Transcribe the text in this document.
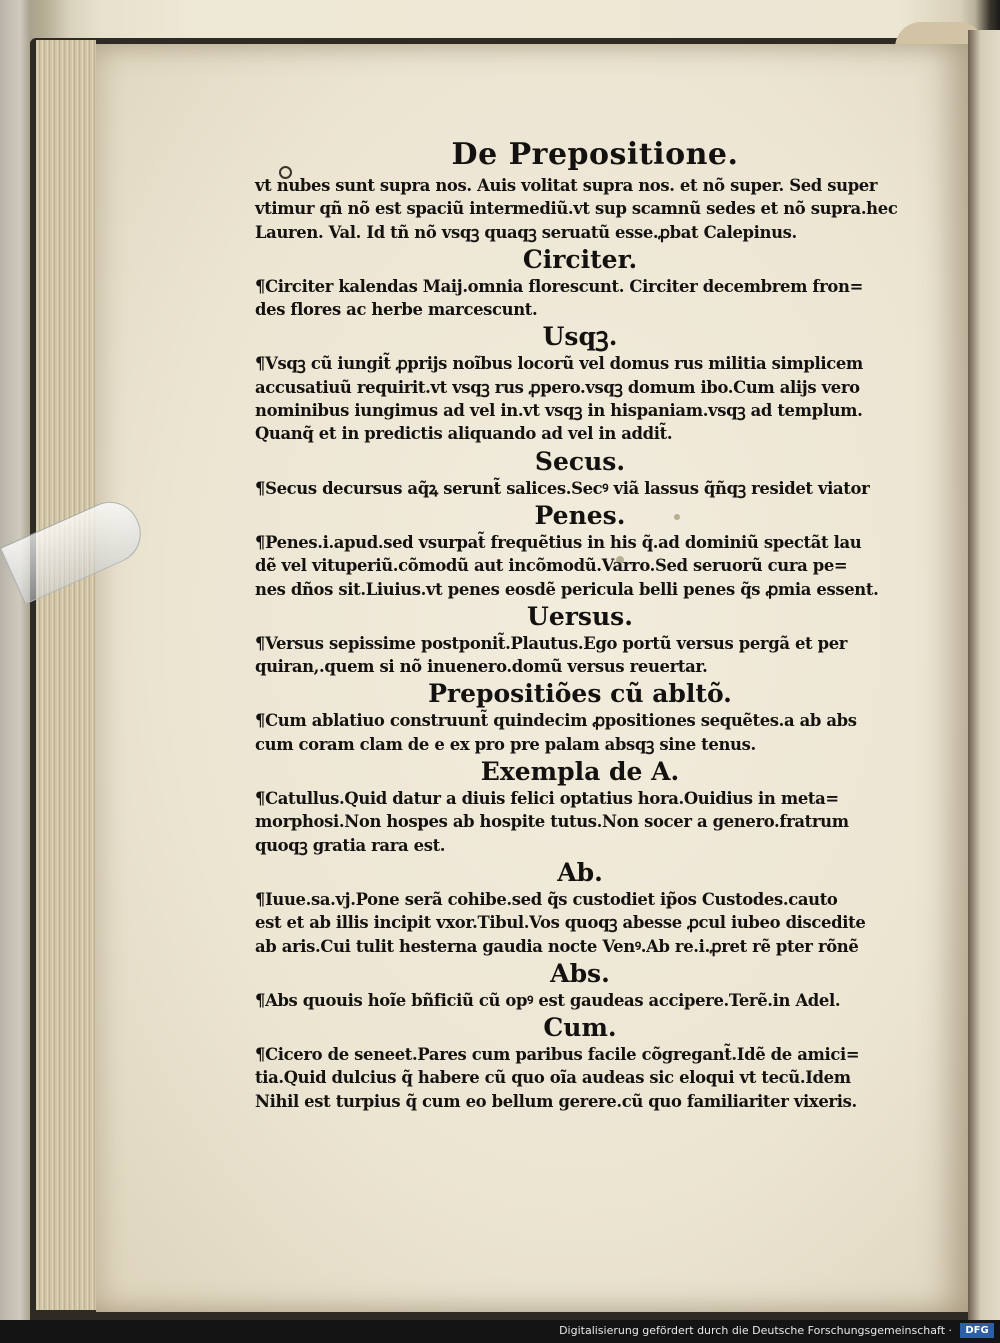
De Prepositione.
vt nubes sunt supra nos. Auis volitat supra nos. et nõ super. Sed super
vtimur qñ nõ est spaciũ intermediũ.vt sup scamnũ sedes et nõ supra.hec
Lauren. Val. Id tñ nõ vsqꝫ quaqꝫ seruatũ esse.ꝓbat Calepinus.
Circiter.
¶Circiter kalendas Maij.omnia florescunt. Circiter decembrem fron=
des flores ac herbe marcescunt.
Usqꝫ.
¶Vsqꝫ cũ iungit̃ ꝓprijs noĩbus locorũ vel domus rus militia simplicem
accusatiuũ requirit.vt vsqꝫ rus ꝓpero.vsqꝫ domum ibo.Cum alijs vero
nominibus iungimus ad vel in.vt vsqꝫ in hispaniam.vsqꝫ ad templum.
Quanq̃ et in predictis aliquando ad vel in addit̃.
Secus.
¶Secus decursus aq̃ꝝ serunt̃ salices.Secꝰ viã lassus q̃ñqꝫ residet viator
Penes.
¶Penes.i.apud.sed vsurpat̃ frequẽtius in his q̃.ad dominiũ spectãt lau
dẽ vel vituperiũ.cõmodũ aut incõmodũ.Varro.Sed seruorũ cura pe=
nes dños sit.Liuius.vt penes eosdẽ pericula belli penes q̃s ꝓmia essent.
Uersus.
¶Versus sepissime postponit̃.Plautus.Ego portũ versus pergã et per
quiran,.quem si nõ inuenero.domũ versus reuertar.
Prepositiões cũ abltõ.
¶Cum ablatiuo construunt̃ quindecim ꝓpositiones sequẽtes.a ab abs
cum coram clam de e ex pro pre palam absqꝫ sine tenus.
Exempla de A.
¶Catullus.Quid datur a diuis felici optatius hora.Ouidius in meta=
morphosi.Non hospes ab hospite tutus.Non socer a genero.fratrum
quoqꝫ gratia rara est.
Ab.
¶Iuue.sa.vj.Pone serã cohibe.sed q̃s custodiet ip̃os Custodes.cauto
est et ab illis incipit vxor.Tibul.Vos quoqꝫ abesse ꝓcul iubeo discedite
ab aris.Cui tulit hesterna gaudia nocte Venꝰ.Ab re.i.ꝓret rẽ pter rõnẽ
Abs.
¶Abs quouis hoĩe bñficiũ cũ opꝰ est gaudeas accipere.Terẽ.in Adel.
Cum.
¶Cicero de seneet.Pares cum paribus facile cõgregant̃.Idẽ de amici=
tia.Quid dulcius q̃ habere cũ quo oĩa audeas sic eloqui vt tecũ.Idem
Nihil est turpius q̃ cum eo bellum gerere.cũ quo familiariter vixeris.
Digitalisierung gefördert durch die Deutsche Forschungsgemeinschaft ·	DFG
